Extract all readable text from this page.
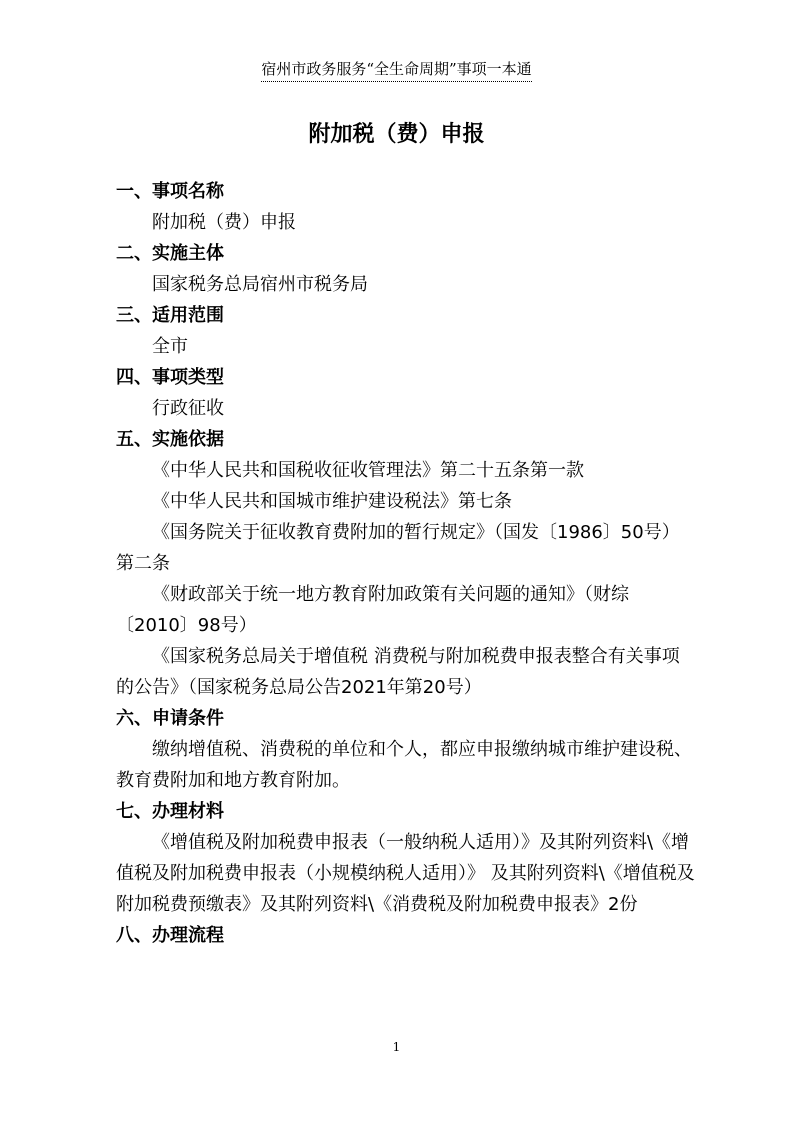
宿州市政务服务“全生命周期”事项一本通
附加税（费）申报
一、事项名称

附加税（费）申报

二、实施主体

国家税务总局宿州市税务局

三、适用范围

全市

四、事项类型

行政征收

五、实施依据

《中华人民共和国税收征收管理法》第二十五条第一款

《中华人民共和国城市维护建设税法》第七条

《国务院关于征收教育费附加的暂行规定》（国发〔1986〕50号）第二条

《财政部关于统一地方教育附加政策有关问题的通知》（财综〔2010〕98号）

《国家税务总局关于增值税 消费税与附加税费申报表整合有关事项的公告》（国家税务总局公告2021年第20号）

六、申请条件

缴纳增值税、消费税的单位和个人，都应申报缴纳城市维护建设税、教育费附加和地方教育附加。

七、办理材料

《增值税及附加税费申报表（一般纳税人适用）》及其附列资料\《增值税及附加税费申报表（小规模纳税人适用）》 及其附列资料\《增值税及附加税费预缴表》及其附列资料\《消费税及附加税费申报表》2份

八、办理流程
1
